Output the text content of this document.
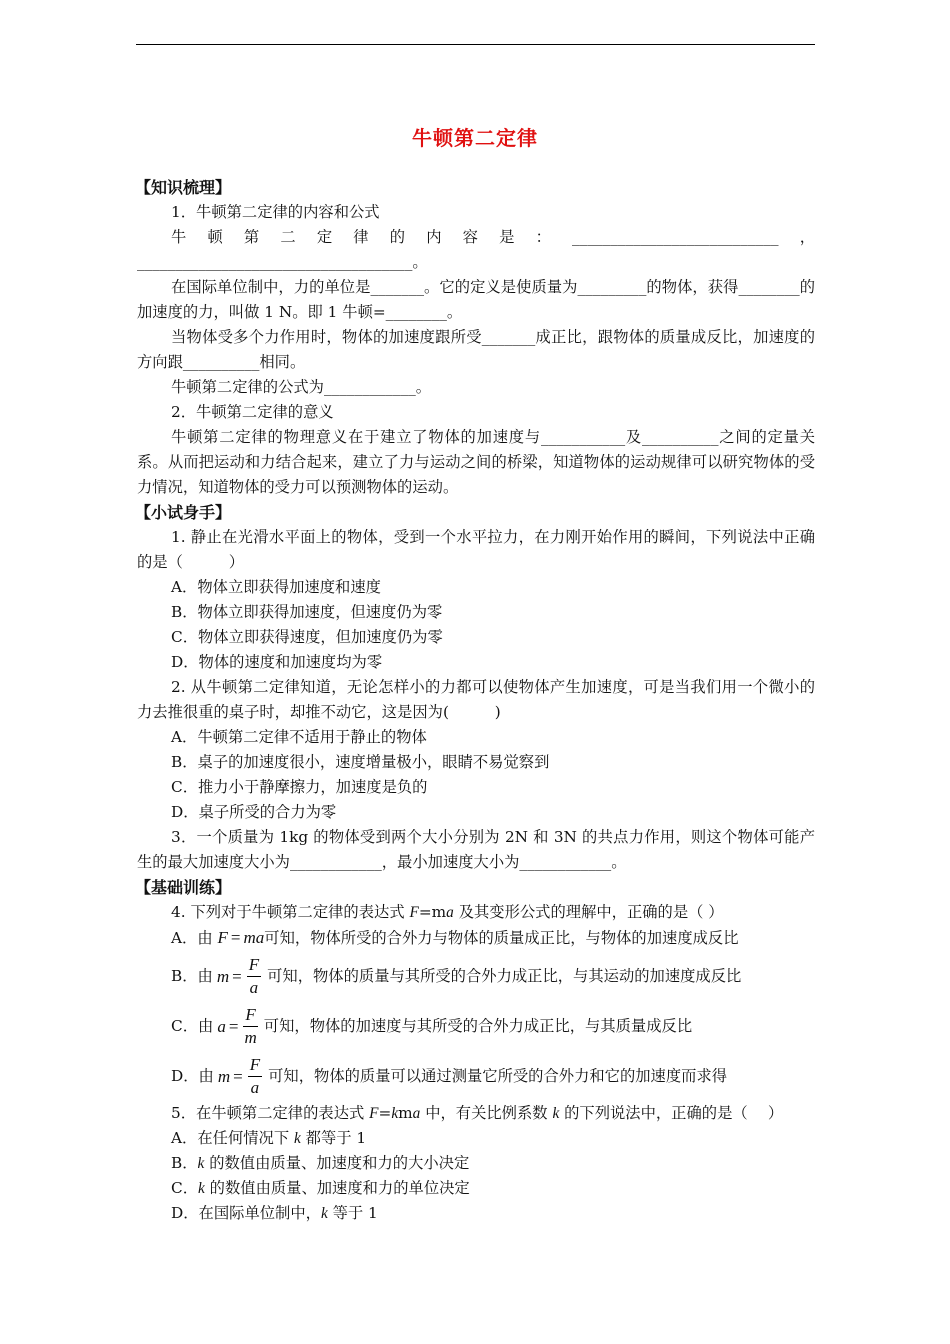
牛顿第二定律

【知识梳理】

1．牛顿第二定律的内容和公式

牛顿第二定律的内容是：___________________________，____________________________________。

在国际单位制中，力的单位是_______。它的定义是使质量为_________的物体，获得________的加速度的力，叫做 1 N。即 1 牛顿=________。

当物体受多个力作用时，物体的加速度跟所受_______成正比，跟物体的质量成反比，加速度的方向跟__________相同。

牛顿第二定律的公式为____________。

2．牛顿第二定律的意义

牛顿第二定律的物理意义在于建立了物体的加速度与___________及__________之间的定量关系。从而把运动和力结合起来，建立了力与运动之间的桥梁，知道物体的运动规律可以研究物体的受力情况，知道物体的受力可以预测物体的运动。

【小试身手】

1. 静止在光滑水平面上的物体，受到一个水平拉力，在力刚开始作用的瞬间，下列说法中正确的是（　　　）

A．物体立即获得加速度和速度

B．物体立即获得加速度，但速度仍为零

C．物体立即获得速度，但加速度仍为零

D．物体的速度和加速度均为零

2. 从牛顿第二定律知道，无论怎样小的力都可以使物体产生加速度，可是当我们用一个微小的力去推很重的桌子时，却推不动它，这是因为(　　　)

A．牛顿第二定律不适用于静止的物体

B．桌子的加速度很小，速度增量极小，眼睛不易觉察到

C．推力小于静摩擦力，加速度是负的

D．桌子所受的合力为零

3．一个质量为 1kg 的物体受到两个大小分别为 2N 和 3N 的共点力作用，则这个物体可能产生的最大加速度大小为____________，最小加速度大小为____________。

【基础训练】

4. 下列对于牛顿第二定律的表达式 F=ma 及其变形公式的理解中，正确的是（ ）

A．由 F = ma可知，物体所受的合外力与物体的质量成正比，与物体的加速度成反比

B．由 $m = \frac{F}{a}$ 可知，物体的质量与其所受的合外力成正比，与其运动的加速度成反比
C．由 $a = \frac{F}{m}$ 可知，物体的加速度与其所受的合外力成正比，与其质量成反比
D．由 $m = \frac{F}{a}$ 可知，物体的质量可以通过测量它所受的合外力和它的加速度而求得

5．在牛顿第二定律的表达式 F=kma 中，有关比例系数 k 的下列说法中，正确的是（　 ）

A．在任何情况下 k 都等于 1

B．k 的数值由质量、加速度和力的大小决定

C．k 的数值由质量、加速度和力的单位决定

D．在国际单位制中，k 等于 1
